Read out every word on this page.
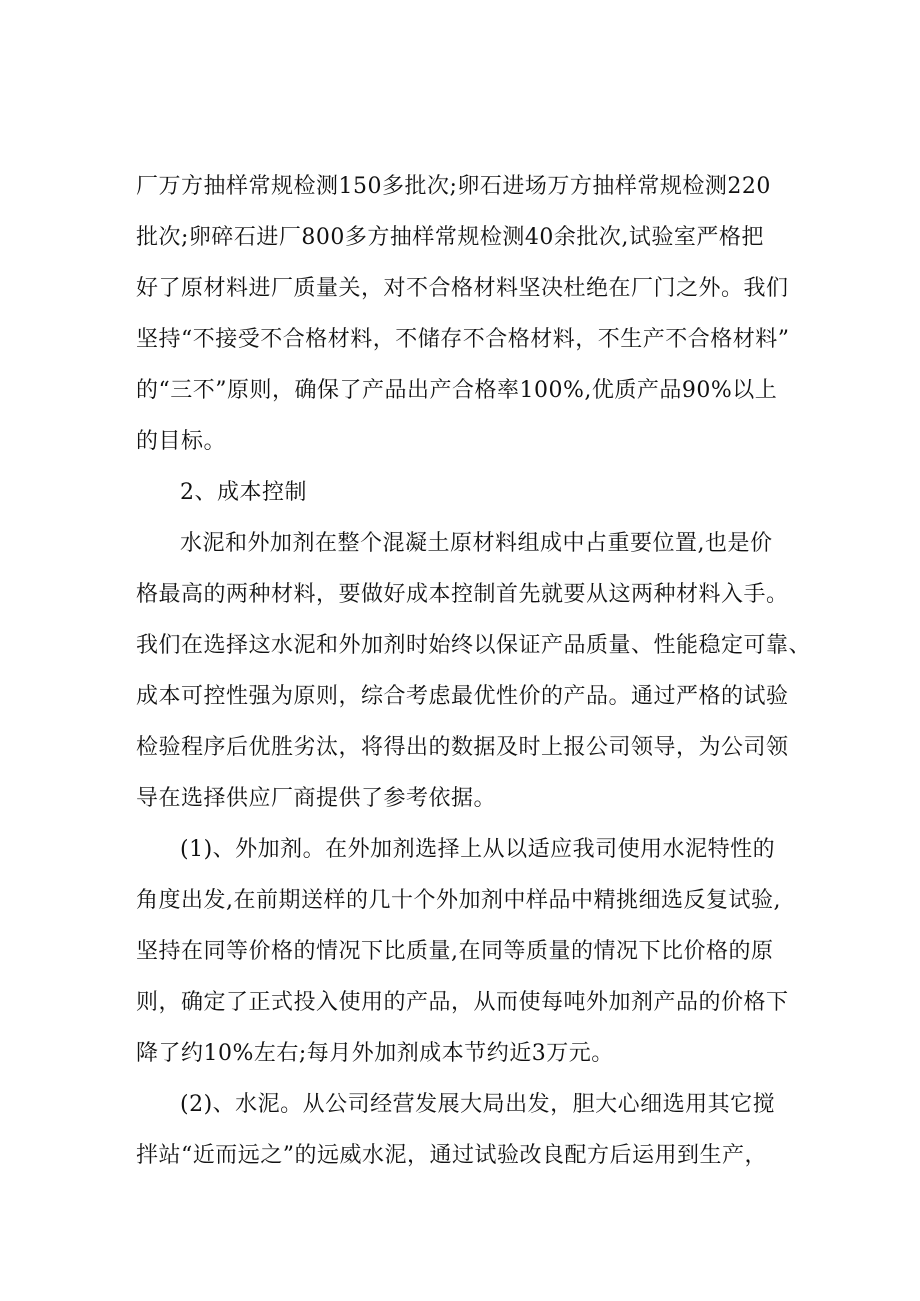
厂万方抽样常规检测150多批次;卵石进场万方抽样常规检测220
批次;卵碎石进厂800多方抽样常规检测40余批次,试验室严格把
好了原材料进厂质量关，对不合格材料坚决杜绝在厂门之外。我们
坚持“不接受不合格材料，不储存不合格材料，不生产不合格材料”
的“三不”原则，确保了产品出产合格率100%,优质产品90%以上
的目标。
2、成本控制
水泥和外加剂在整个混凝土原材料组成中占重要位置,也是价
格最高的两种材料，要做好成本控制首先就要从这两种材料入手。
我们在选择这水泥和外加剂时始终以保证产品质量、性能稳定可靠、
成本可控性强为原则，综合考虑最优性价的产品。通过严格的试验
检验程序后优胜劣汰，将得出的数据及时上报公司领导，为公司领
导在选择供应厂商提供了参考依据。
(1)、外加剂。在外加剂选择上从以适应我司使用水泥特性的
角度出发,在前期送样的几十个外加剂中样品中精挑细选反复试验,
坚持在同等价格的情况下比质量,在同等质量的情况下比价格的原
则，确定了正式投入使用的产品，从而使每吨外加剂产品的价格下
降了约10%左右;每月外加剂成本节约近3万元。
(2)、水泥。从公司经营发展大局出发，胆大心细选用其它搅
拌站“近而远之”的远威水泥，通过试验改良配方后运用到生产，
